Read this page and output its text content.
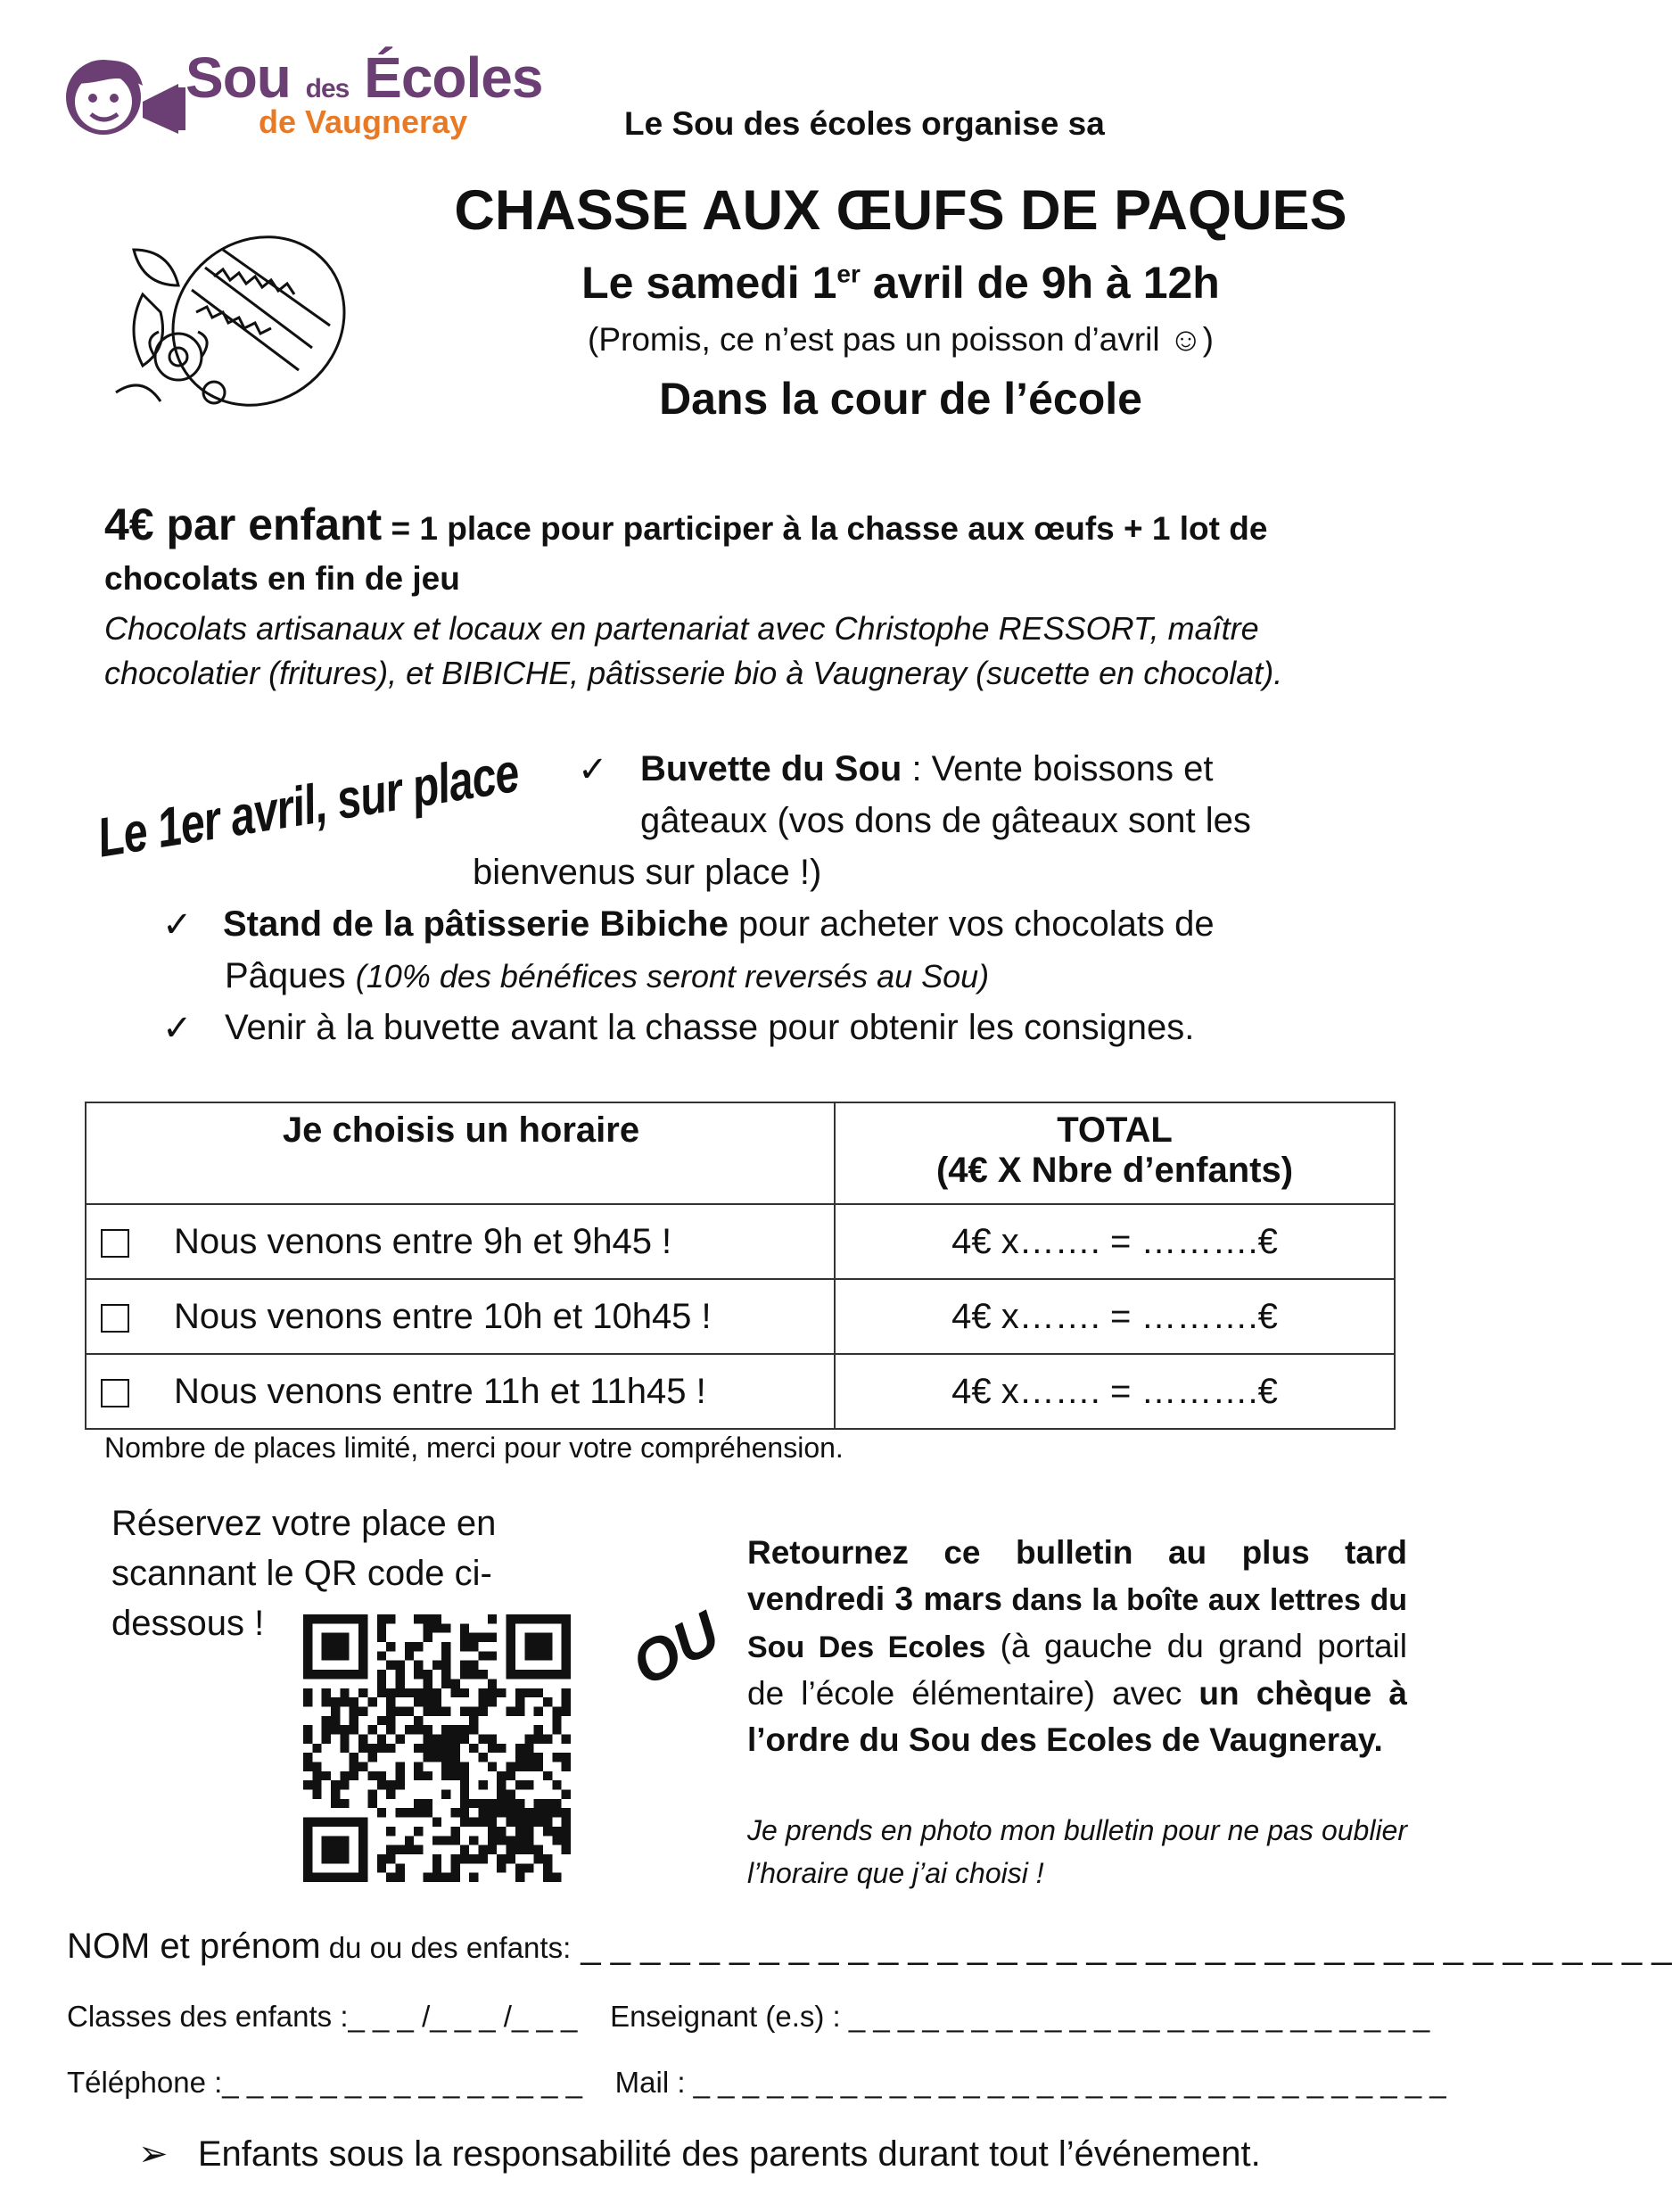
Sou des Écoles
de Vaugneray	Le Sou des écoles organise sa
CHASSE AUX ŒUFS DE PAQUES
Le samedi 1er avril de 9h à 12h
(Promis, ce n’est pas un poisson d’avril ☺)
Dans la cour de l’école
4€ par enfant = 1 place pour participer à la chasse aux œufs + 1 lot de chocolats en fin de jeu
Chocolats artisanaux et locaux en partenariat avec Christophe RESSORT, maître chocolatier (fritures), et BIBICHE, pâtisserie bio à Vaugneray (sucette en chocolat).
Le 1er avril, sur place ✓ Buvette du Sou : Vente boissons et
gâteaux (vos dons de gâteaux sont les
bienvenus sur place !)
✓ Stand de la pâtisserie Bibiche pour acheter vos chocolats de
Pâques (10% des bénéfices seront reversés au Sou)
✓ Venir à la buvette avant la chasse pour obtenir les consignes.
Je choisis un horaire	TOTAL
(4€ X Nbre d’enfants)
Nous venons entre 9h et 9h45 !	4€ x……. = ……….€
Nous venons entre 10h et 10h45 !	4€ x……. = ……….€
Nous venons entre 11h et 11h45 !	4€ x……. = ……….€
Nombre de places limité, merci pour votre compréhension.
Réservez votre place en scannant le QR code ci-dessous !	OU
Retournez ce bulletin au plus tard vendredi 3 mars dans la boîte aux lettres du Sou Des Ecoles (à gauche du grand portail de l’école élémentaire) avec un chèque à l’ordre du Sou des Ecoles de Vaugneray.
Je prends en photo mon bulletin pour ne pas oublier l’horaire que j’ai choisi !
NOM et prénom du ou des enfants: _ _ _ _ _ _ _ _ _ _ _ _ _ _ _ _ _ _ _ _ _ _ _ _ _ _ _ _ _ _ _ _ _ _ _ _ _
Classes des enfants :_ _ _ /_ _ _ /_ _ _ Enseignant (e.s) : _ _ _ _ _ _ _ _ _ _ _ _ _ _ _ _ _ _ _ _ _ _ _ _
Téléphone :_ _ _ _ _ _ _ _ _ _ _ _ _ _ _ Mail : _ _ _ _ _ _ _ _ _ _ _ _ _ _ _ _ _ _ _ _ _ _ _ _ _ _ _ _ _ _ _
➢ Enfants sous la responsabilité des parents durant tout l’événement.
